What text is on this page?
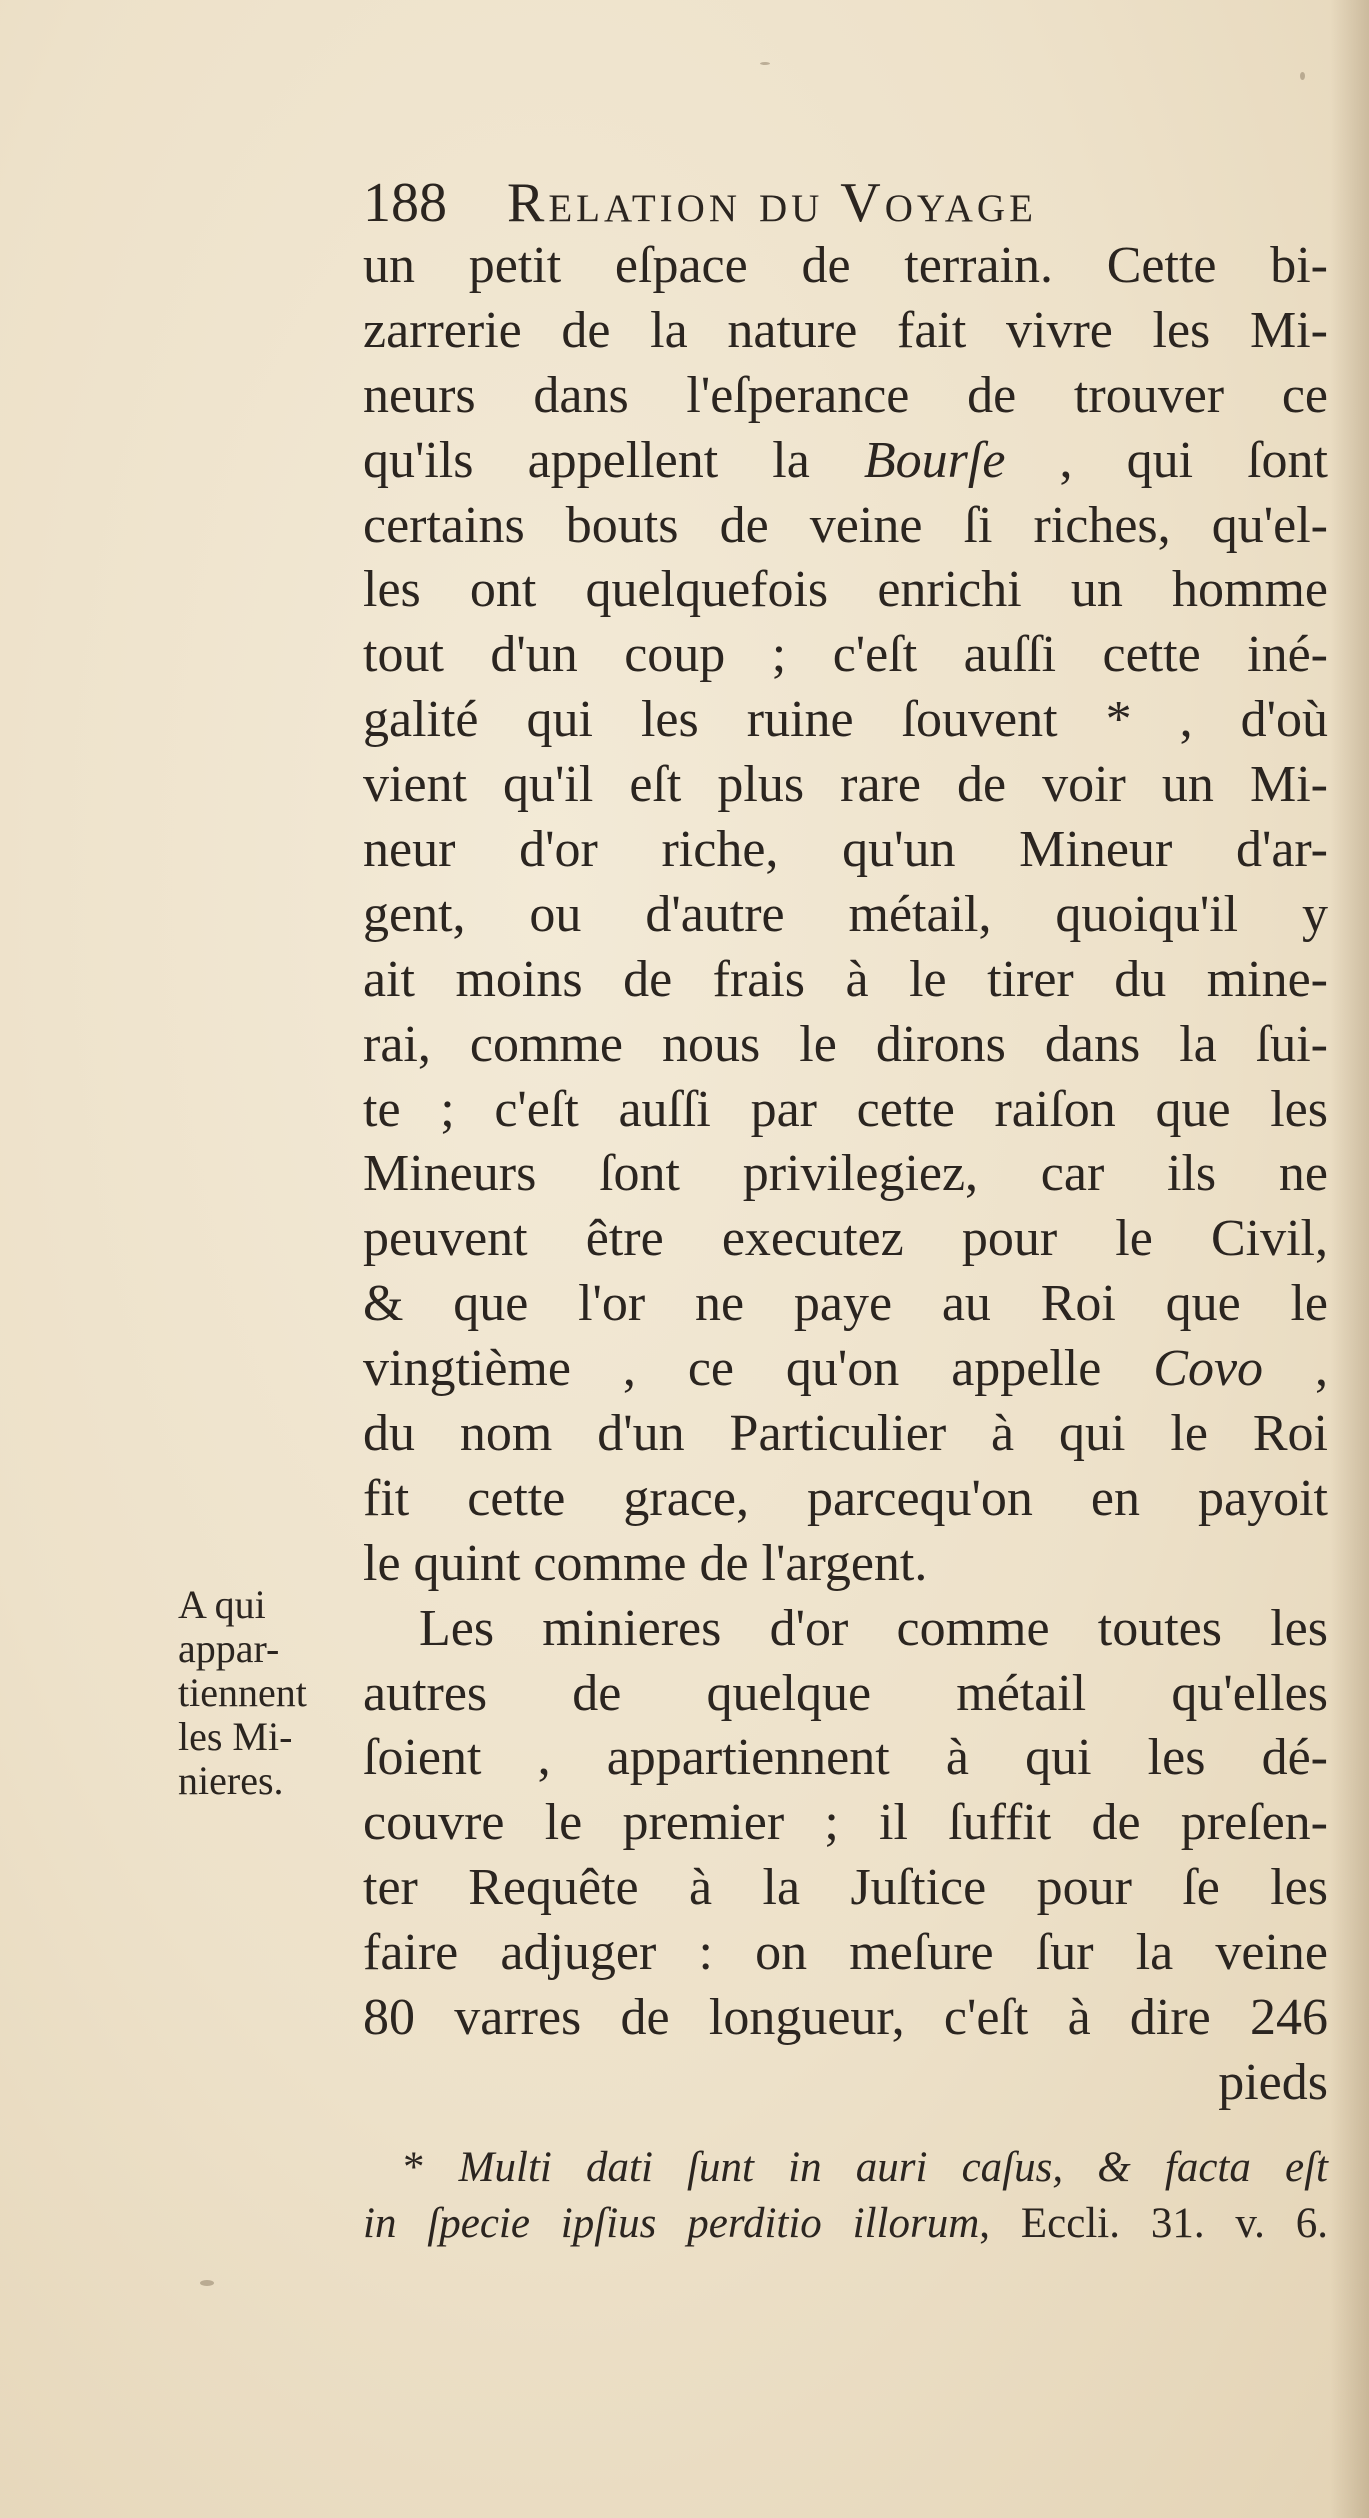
188 Relation du Voyage
un petit eſpace de terrain. Cette bi-
zarrerie de la nature fait vivre les Mi-
neurs dans l'eſperance de trouver ce
qu'ils appellent la Bourſe , qui ſont
certains bouts de veine ſi riches, qu'el-
les ont quelquefois enrichi un homme
tout d'un coup ; c'eſt auſſi cette iné-
galité qui les ruine ſouvent * , d'où
vient qu'il eſt plus rare de voir un Mi-
neur d'or riche, qu'un Mineur d'ar-
gent, ou d'autre métail, quoiqu'il y
ait moins de frais à le tirer du mine-
rai, comme nous le dirons dans la ſui-
te ; c'eſt auſſi par cette raiſon que les
Mineurs ſont privilegiez, car ils ne
peuvent être executez pour le Civil,
& que l'or ne paye au Roi que le
vingtième , ce qu'on appelle Covo ,
du nom d'un Particulier à qui le Roi
fit cette grace, parcequ'on en payoit
le quint comme de l'argent.
Les minieres d'or comme toutes les
autres de quelque métail qu'elles
ſoient , appartiennent à qui les dé-
couvre le premier ; il ſuffit de preſen-
ter Requête à la Juſtice pour ſe les
faire adjuger : on meſure ſur la veine
80 varres de longueur, c'eſt à dire 246
pieds
A qui
appar-
tiennent
les Mi-
nieres.
* Multi dati ſunt in auri caſus, & facta eſt
in ſpecie ipſius perditio illorum, Eccli. 31. v. 6.
